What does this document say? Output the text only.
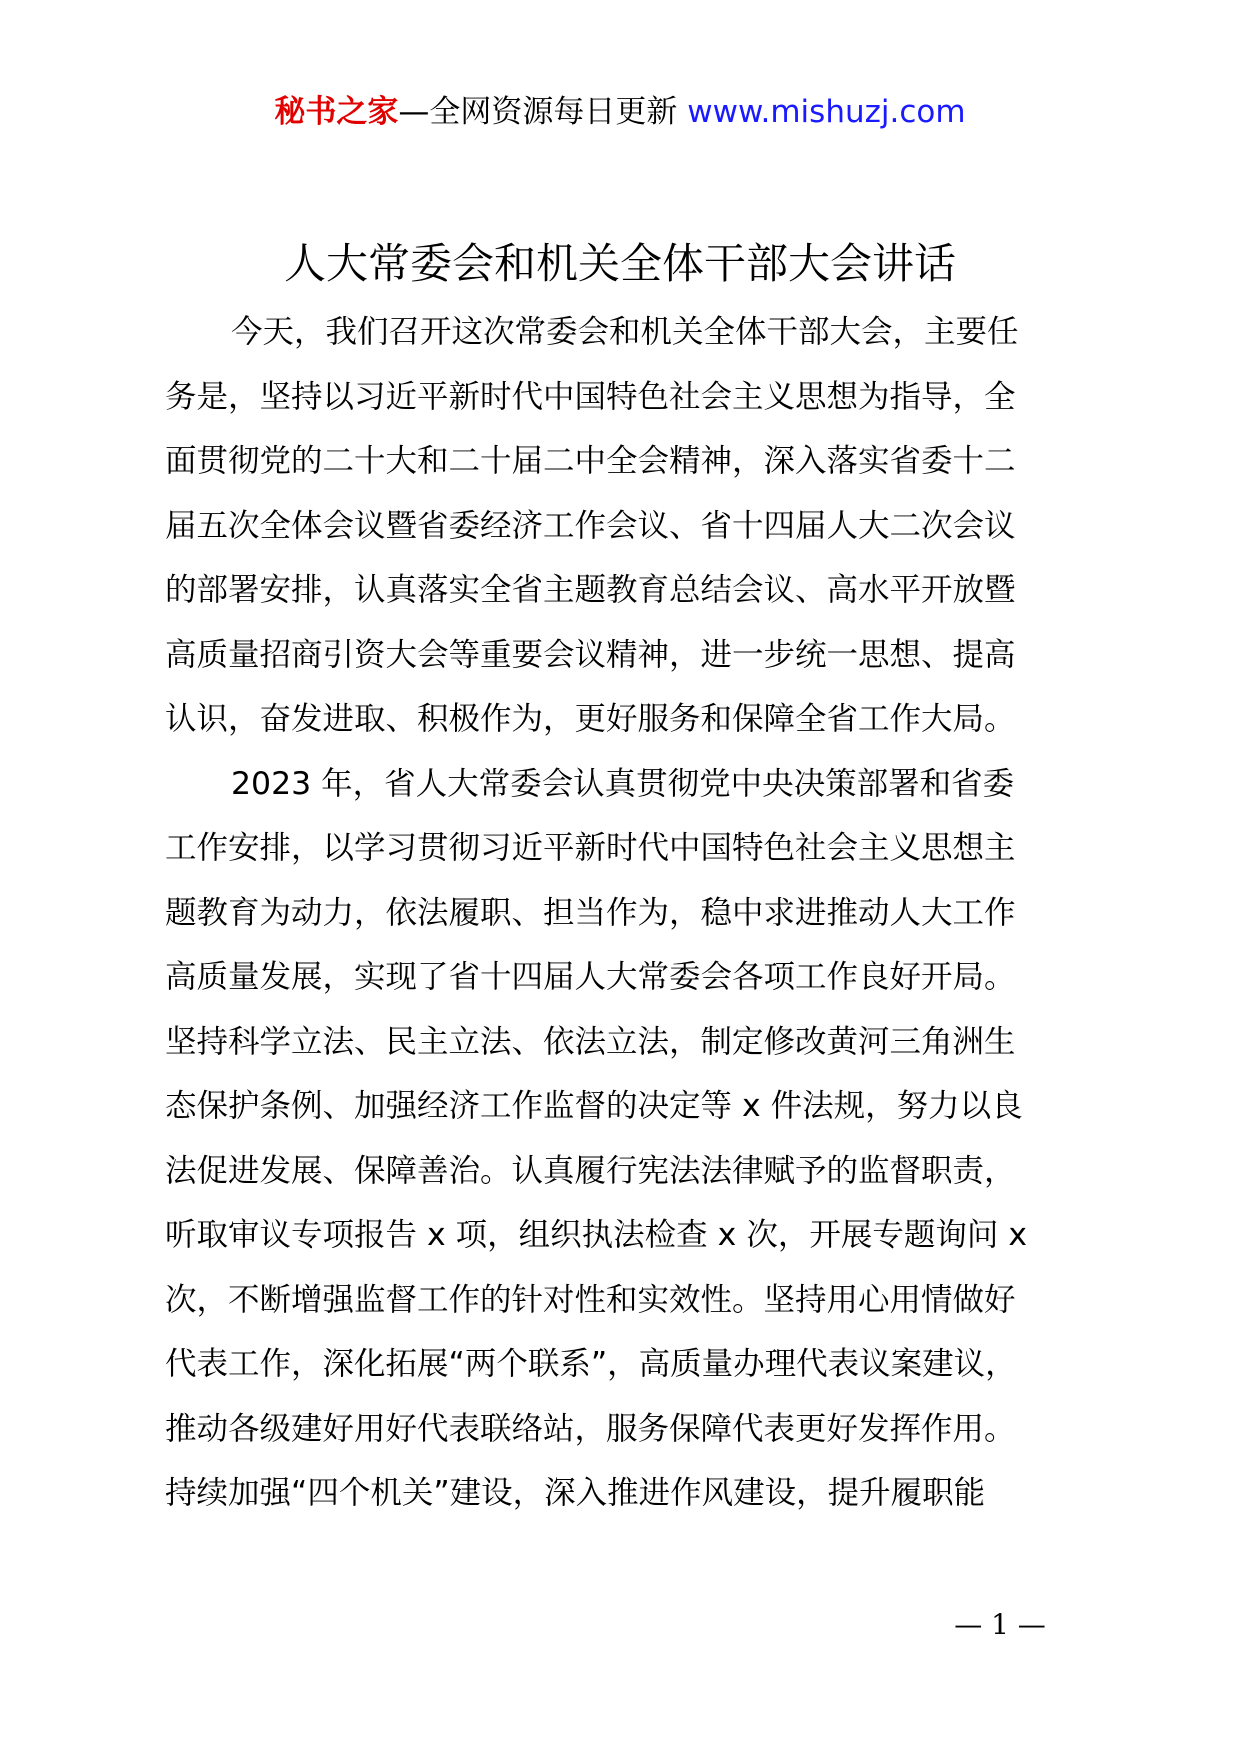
秘书之家—全网资源每日更新 www.mishuzj.com
人大常委会和机关全体干部大会讲话
今天，我们召开这次常委会和机关全体干部大会，主要任
务是，坚持以习近平新时代中国特色社会主义思想为指导，全
面贯彻党的二十大和二十届二中全会精神，深入落实省委十二
届五次全体会议暨省委经济工作会议、省十四届人大二次会议
的部署安排，认真落实全省主题教育总结会议、高水平开放暨
高质量招商引资大会等重要会议精神，进一步统一思想、提高
认识，奋发进取、积极作为，更好服务和保障全省工作大局。
2023 年，省人大常委会认真贯彻党中央决策部署和省委
工作安排，以学习贯彻习近平新时代中国特色社会主义思想主
题教育为动力，依法履职、担当作为，稳中求进推动人大工作
高质量发展，实现了省十四届人大常委会各项工作良好开局。
坚持科学立法、民主立法、依法立法，制定修改黄河三角洲生
态保护条例、加强经济工作监督的决定等 x 件法规，努力以良
法促进发展、保障善治。认真履行宪法法律赋予的监督职责，
听取审议专项报告 x 项，组织执法检查 x 次，开展专题询问 x
次，不断增强监督工作的针对性和实效性。坚持用心用情做好
代表工作，深化拓展“两个联系”，高质量办理代表议案建议，
推动各级建好用好代表联络站，服务保障代表更好发挥作用。
持续加强“四个机关”建设，深入推进作风建设，提升履职能
— 1 —
